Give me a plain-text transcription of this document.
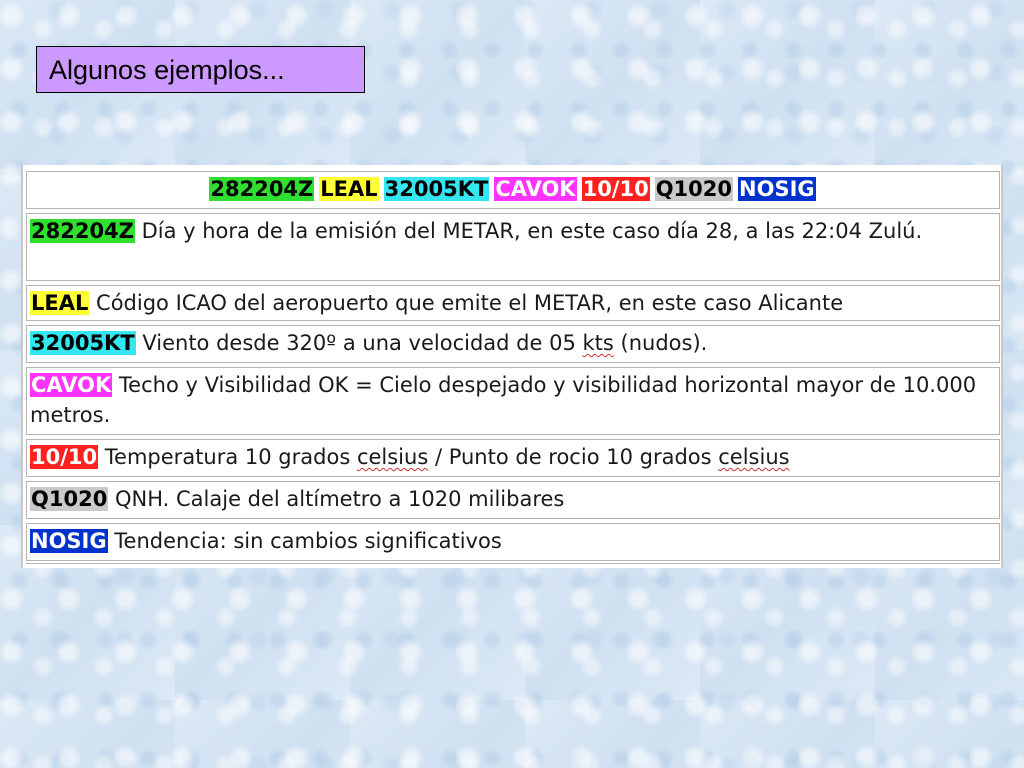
Algunos ejemplos...
282204Z LEAL 32005KT CAVOK 10/10 Q1020 NOSIG
282204Z Día y hora de la emisión del METAR, en este caso día 28, a las 22:04 Zulú.
LEAL Código ICAO del aeropuerto que emite el METAR, en este caso Alicante
32005KT Viento desde 320º a una velocidad de 05 kts (nudos).
CAVOK Techo y Visibilidad OK = Cielo despejado y visibilidad horizontal mayor de 10.000 metros.
10/10 Temperatura 10 grados celsius / Punto de rocio 10 grados celsius
Q1020 QNH. Calaje del altímetro a 1020 milibares
NOSIG Tendencia: sin cambios significativos
